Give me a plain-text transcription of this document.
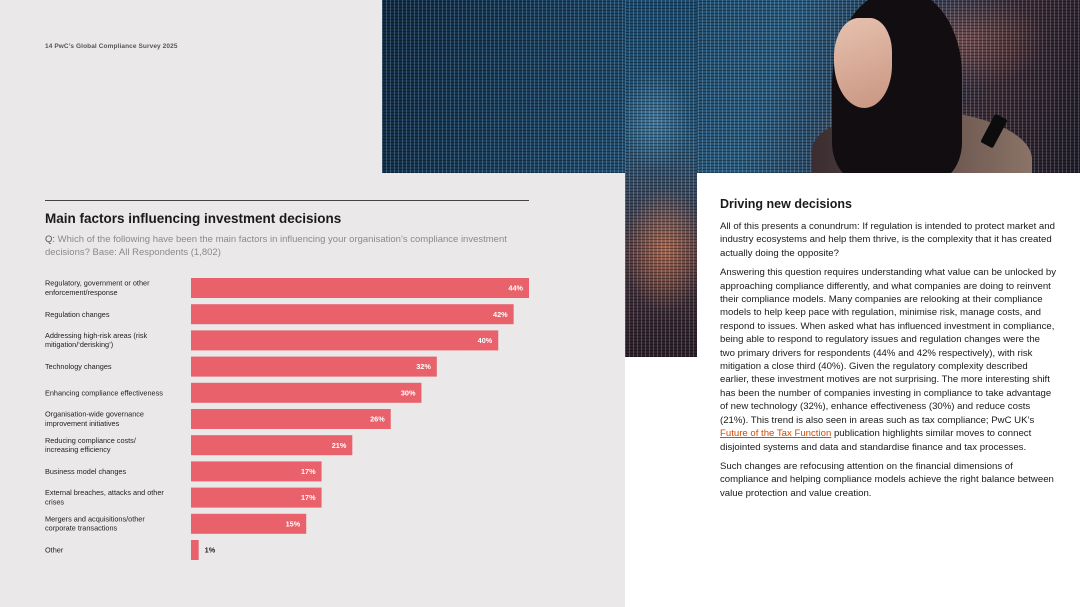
14 PwC’s Global Compliance Survey 2025
Main factors influencing investment decisions
Q: Which of the following have been the main factors in influencing your organisation’s compliance investment decisions? Base: All Respondents (1,802)
Regulatory, government or other enforcement/response	44%
Regulation changes	42%
Addressing high-risk areas (risk mitigation/‘derisking’)	40%
Technology changes	32%
Enhancing compliance effectiveness	30%
Organisation-wide governance improvement initiatives	26%
Reducing compliance costs/ increasing efficiency	21%
Business model changes	17%
External breaches, attacks and other crises	17%
Mergers and acquisitions/other corporate transactions	15%
Other	1%
Driving new decisions

All of this presents a conundrum: If regulation is intended to protect market and industry ecosystems and help them thrive, is the complexity that it has created actually doing the opposite?

Answering this question requires understanding what value can be unlocked by approaching compliance differently, and what companies are doing to reinvent their compliance models. Many companies are relooking at their compliance models to help keep pace with regulation, minimise risk, manage costs, and respond to issues. When asked what has influenced investment in compliance, being able to respond to regulatory issues and regulation changes were the two primary drivers for respondents (44% and 42% respectively), with risk mitigation a close third (40%). Given the regulatory complexity described earlier, these investment motives are not surprising. The more interesting shift has been the number of companies investing in compliance to take advantage of new technology (32%), enhance effectiveness (30%) and reduce costs (21%). This trend is also seen in areas such as tax compliance; PwC UK’s Future of the Tax Function publication highlights similar moves to connect disjointed systems and data and standardise finance and tax processes.

Such changes are refocusing attention on the financial dimensions of compliance and helping compliance models achieve the right balance between value protection and value creation.
